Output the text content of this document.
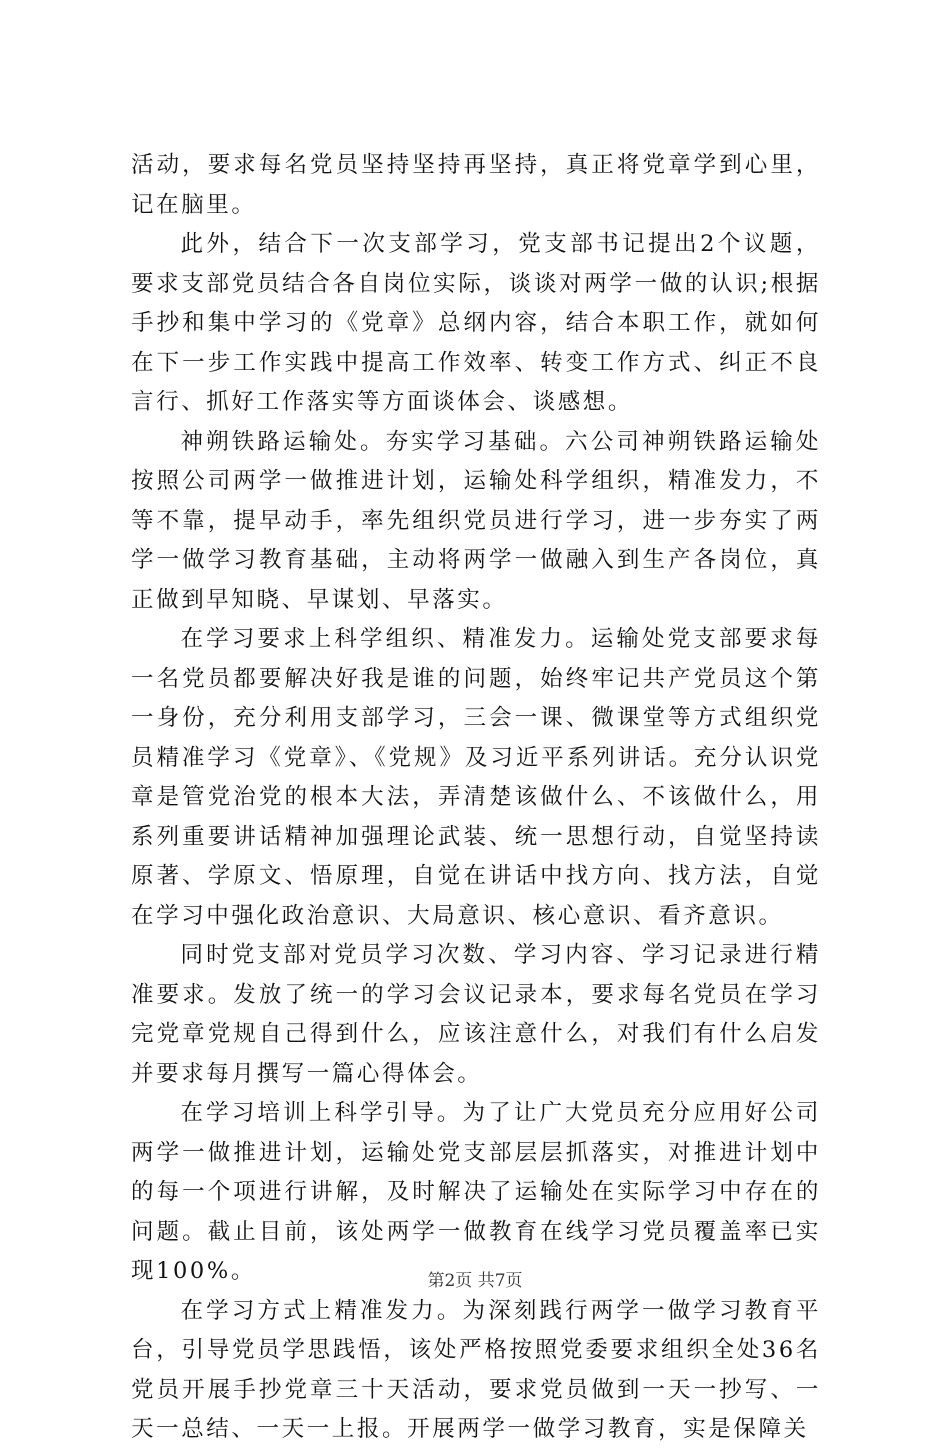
活动，要求每名党员坚持坚持再坚持，真正将党章学到心里，记在脑里。

此外，结合下一次支部学习，党支部书记提出2个议题，要求支部党员结合各自岗位实际，谈谈对两学一做的认识;根据手抄和集中学习的《党章》总纲内容，结合本职工作，就如何在下一步工作实践中提高工作效率、转变工作方式、纠正不良言行、抓好工作落实等方面谈体会、谈感想。

神朔铁路运输处。夯实学习基础。六公司神朔铁路运输处按照公司两学一做推进计划，运输处科学组织，精准发力，不等不靠，提早动手，率先组织党员进行学习，进一步夯实了两学一做学习教育基础，主动将两学一做融入到生产各岗位，真正做到早知晓、早谋划、早落实。

在学习要求上科学组织、精准发力。运输处党支部要求每一名党员都要解决好我是谁的问题，始终牢记共产党员这个第一身份，充分利用支部学习，三会一课、微课堂等方式组织党员精准学习《党章》、《党规》及习近平系列讲话。充分认识党章是管党治党的根本大法，弄清楚该做什么、不该做什么，用系列重要讲话精神加强理论武装、统一思想行动，自觉坚持读原著、学原文、悟原理，自觉在讲话中找方向、找方法，自觉在学习中强化政治意识、大局意识、核心意识、看齐意识。

同时党支部对党员学习次数、学习内容、学习记录进行精准要求。发放了统一的学习会议记录本，要求每名党员在学习完党章党规自己得到什么，应该注意什么，对我们有什么启发并要求每月撰写一篇心得体会。

在学习培训上科学引导。为了让广大党员充分应用好公司两学一做推进计划，运输处党支部层层抓落实，对推进计划中的每一个项进行讲解，及时解决了运输处在实际学习中存在的问题。截止目前，该处两学一做教育在线学习党员覆盖率已实现100%。

在学习方式上精准发力。为深刻践行两学一做学习教育平台，引导党员学思践悟，该处严格按照党委要求组织全处36名党员开展手抄党章三十天活动，要求党员做到一天一抄写、一天一总结、一天一上报。开展两学一做学习教育，实是保障关

第2页 共7页
